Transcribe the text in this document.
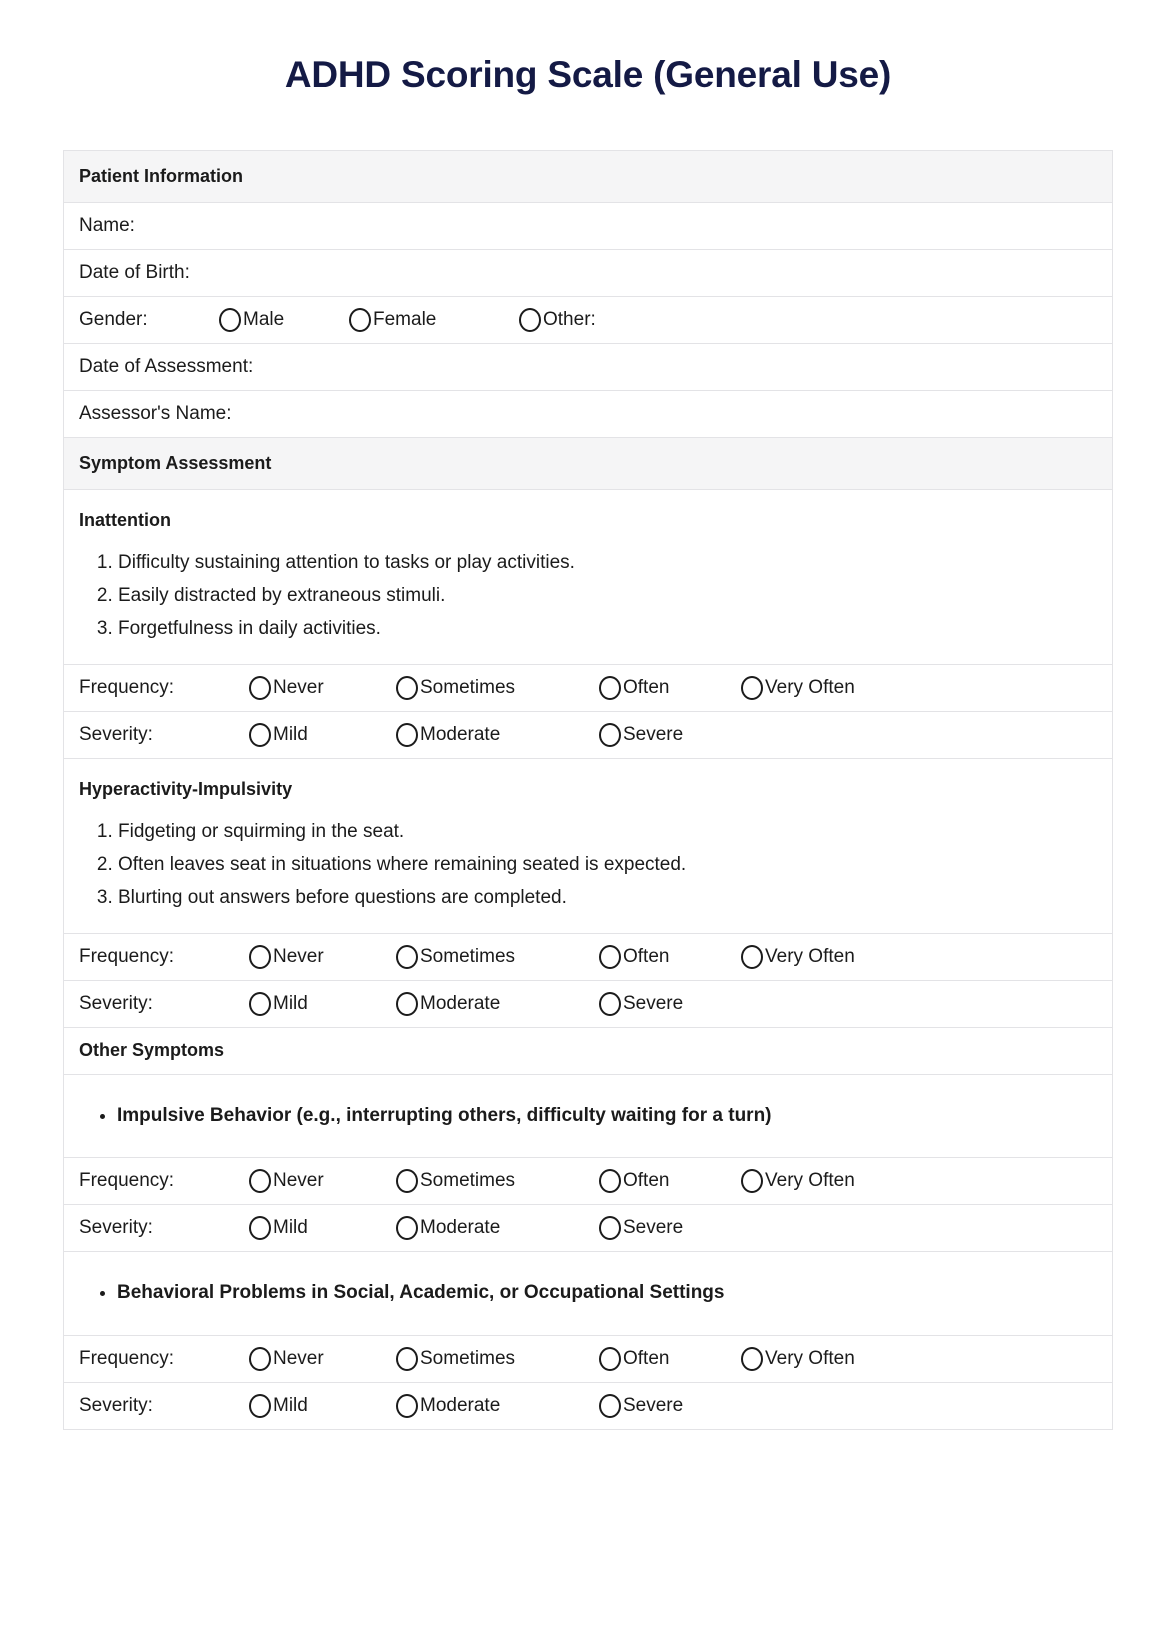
ADHD Scoring Scale (General Use)
Patient Information
Name:
Date of Birth:
Gender:	Male	Female	Other:
Date of Assessment:
Assessor's Name:
Symptom Assessment
Inattention
1. Difficulty sustaining attention to tasks or play activities.
2. Easily distracted by extraneous stimuli.
3. Forgetfulness in daily activities.
Frequency:	Never	Sometimes	Often	Very Often
Severity:	Mild	Moderate	Severe
Hyperactivity-Impulsivity
1. Fidgeting or squirming in the seat.
2. Often leaves seat in situations where remaining seated is expected.
3. Blurting out answers before questions are completed.
Frequency:	Never	Sometimes	Often	Very Often
Severity:	Mild	Moderate	Severe
Other Symptoms
• Impulsive Behavior (e.g., interrupting others, difficulty waiting for a turn)
Frequency:	Never	Sometimes	Often	Very Often
Severity:	Mild	Moderate	Severe
• Behavioral Problems in Social, Academic, or Occupational Settings
Frequency:	Never	Sometimes	Often	Very Often
Severity:	Mild	Moderate	Severe
